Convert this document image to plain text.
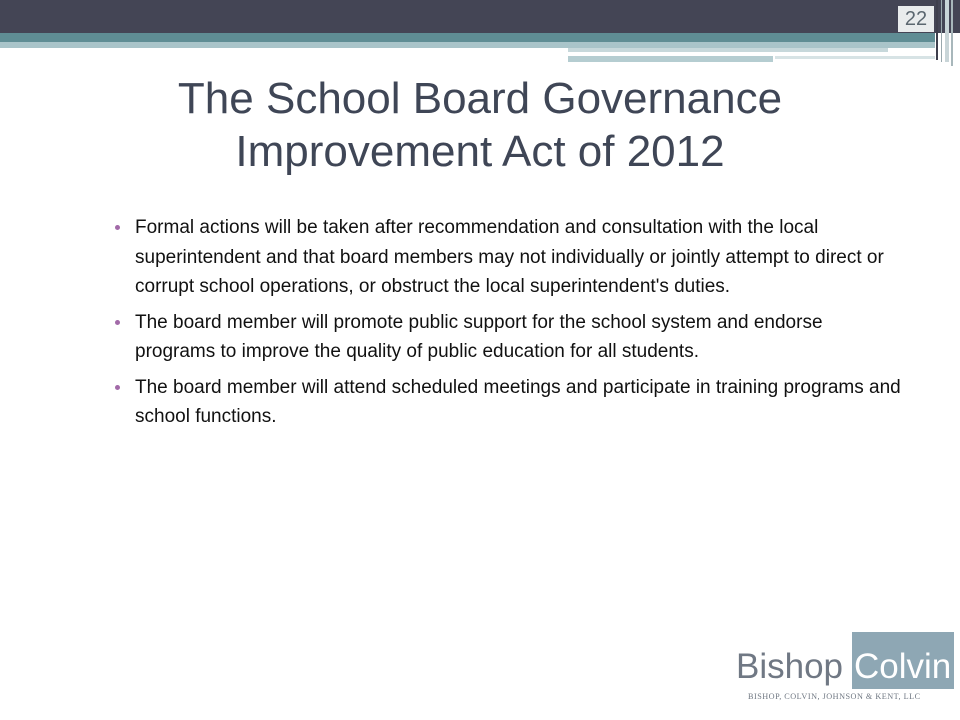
22
The School Board Governance Improvement Act of 2012
Formal actions will be taken after recommendation and consultation with the local superintendent and that board members may not individually or jointly attempt to direct or corrupt school operations, or obstruct the local superintendent's duties.
The board member will promote public support for the school system and endorse programs to improve the quality of public education for all students.
The board member will attend scheduled meetings and participate in training programs and school functions.
Bishop Colvin
BISHOP, COLVIN, JOHNSON & KENT, LLC
